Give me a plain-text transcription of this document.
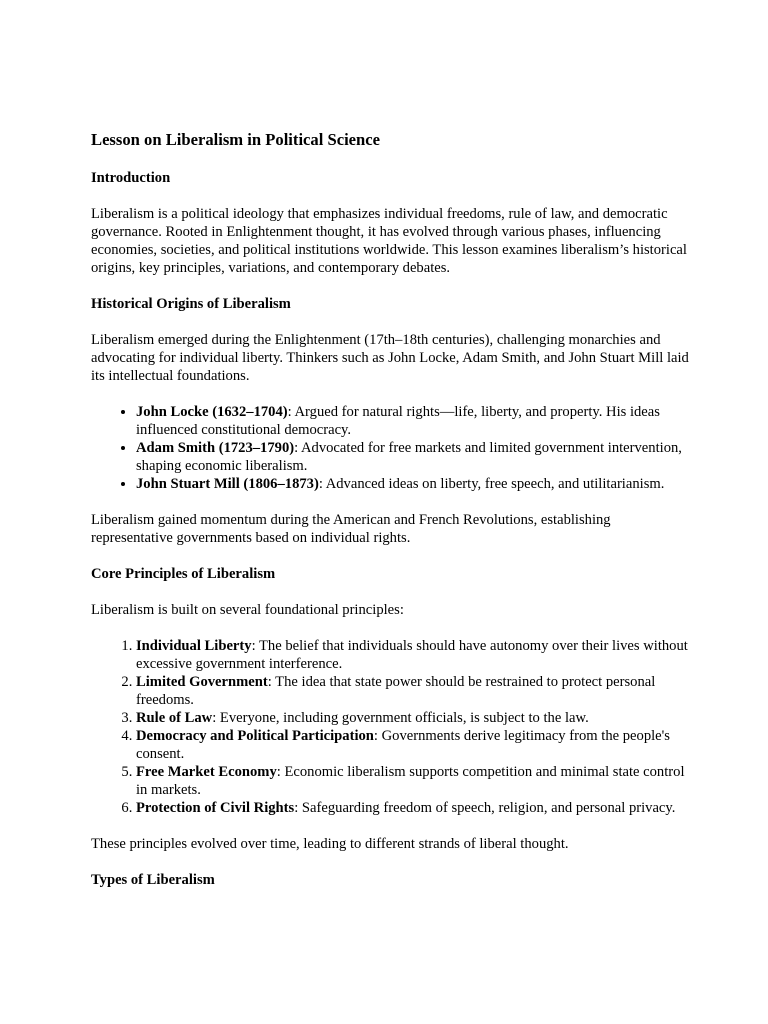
Lesson on Liberalism in Political Science
Introduction

Liberalism is a political ideology that emphasizes individual freedoms, rule of law, and democratic governance. Rooted in Enlightenment thought, it has evolved through various phases, influencing economies, societies, and political institutions worldwide. This lesson examines liberalism’s historical origins, key principles, variations, and contemporary debates.

Historical Origins of Liberalism

Liberalism emerged during the Enlightenment (17th–18th centuries), challenging monarchies and advocating for individual liberty. Thinkers such as John Locke, Adam Smith, and John Stuart Mill laid its intellectual foundations.

• John Locke (1632–1704): Argued for natural rights—life, liberty, and property. His ideas influenced constitutional democracy.
• Adam Smith (1723–1790): Advocated for free markets and limited government intervention, shaping economic liberalism.
• John Stuart Mill (1806–1873): Advanced ideas on liberty, free speech, and utilitarianism.

Liberalism gained momentum during the American and French Revolutions, establishing representative governments based on individual rights.

Core Principles of Liberalism

Liberalism is built on several foundational principles:

1. Individual Liberty: The belief that individuals should have autonomy over their lives without excessive government interference.
2. Limited Government: The idea that state power should be restrained to protect personal freedoms.
3. Rule of Law: Everyone, including government officials, is subject to the law.
4. Democracy and Political Participation: Governments derive legitimacy from the people's consent.
5. Free Market Economy: Economic liberalism supports competition and minimal state control in markets.
6. Protection of Civil Rights: Safeguarding freedom of speech, religion, and personal privacy.

These principles evolved over time, leading to different strands of liberal thought.

Types of Liberalism
